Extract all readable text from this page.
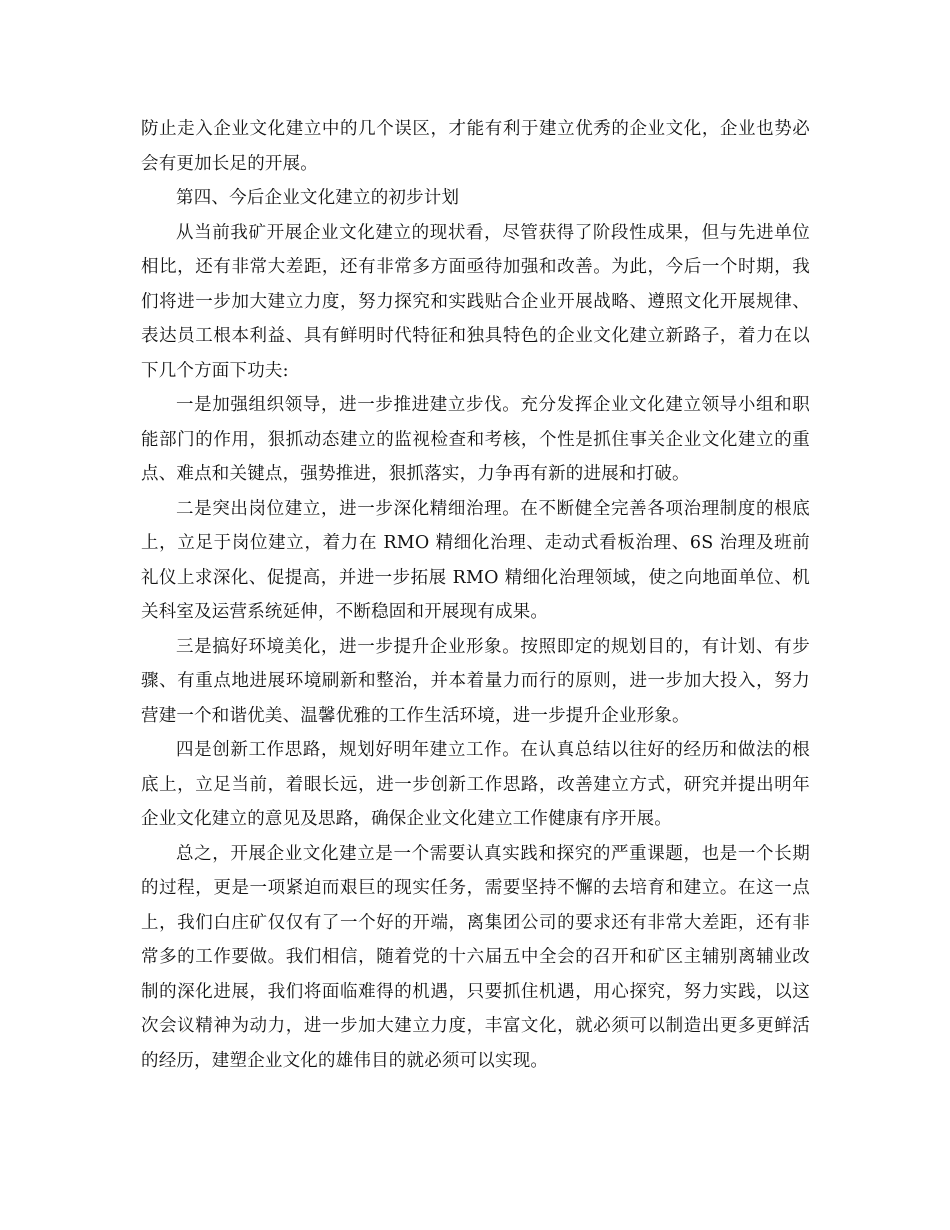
防止走入企业文化建立中的几个误区，才能有利于建立优秀的企业文化，企业也势必会有更加长足的开展。

第四、今后企业文化建立的初步计划

从当前我矿开展企业文化建立的现状看，尽管获得了阶段性成果，但与先进单位相比，还有非常大差距，还有非常多方面亟待加强和改善。为此，今后一个时期，我们将进一步加大建立力度，努力探究和实践贴合企业开展战略、遵照文化开展规律、表达员工根本利益、具有鲜明时代特征和独具特色的企业文化建立新路子，着力在以下几个方面下功夫:

一是加强组织领导，进一步推进建立步伐。充分发挥企业文化建立领导小组和职能部门的作用，狠抓动态建立的监视检查和考核，个性是抓住事关企业文化建立的重点、难点和关键点，强势推进，狠抓落实，力争再有新的进展和打破。

二是突出岗位建立，进一步深化精细治理。在不断健全完善各项治理制度的根底上，立足于岗位建立，着力在 RMO 精细化治理、走动式看板治理、6S 治理及班前礼仪上求深化、促提高，并进一步拓展 RMO 精细化治理领域，使之向地面单位、机关科室及运营系统延伸，不断稳固和开展现有成果。

三是搞好环境美化，进一步提升企业形象。按照即定的规划目的，有计划、有步骤、有重点地进展环境刷新和整治，并本着量力而行的原则，进一步加大投入，努力营建一个和谐优美、温馨优雅的工作生活环境，进一步提升企业形象。

四是创新工作思路，规划好明年建立工作。在认真总结以往好的经历和做法的根底上，立足当前，着眼长远，进一步创新工作思路，改善建立方式，研究并提出明年企业文化建立的意见及思路，确保企业文化建立工作健康有序开展。

总之，开展企业文化建立是一个需要认真实践和探究的严重课题，也是一个长期的过程，更是一项紧迫而艰巨的现实任务，需要坚持不懈的去培育和建立。在这一点上，我们白庄矿仅仅有了一个好的开端，离集团公司的要求还有非常大差距，还有非常多的工作要做。我们相信，随着党的十六届五中全会的召开和矿区主辅别离辅业改制的深化进展，我们将面临难得的机遇，只要抓住机遇，用心探究，努力实践，以这次会议精神为动力，进一步加大建立力度，丰富文化，就必须可以制造出更多更鲜活的经历，建塑企业文化的雄伟目的就必须可以实现。
